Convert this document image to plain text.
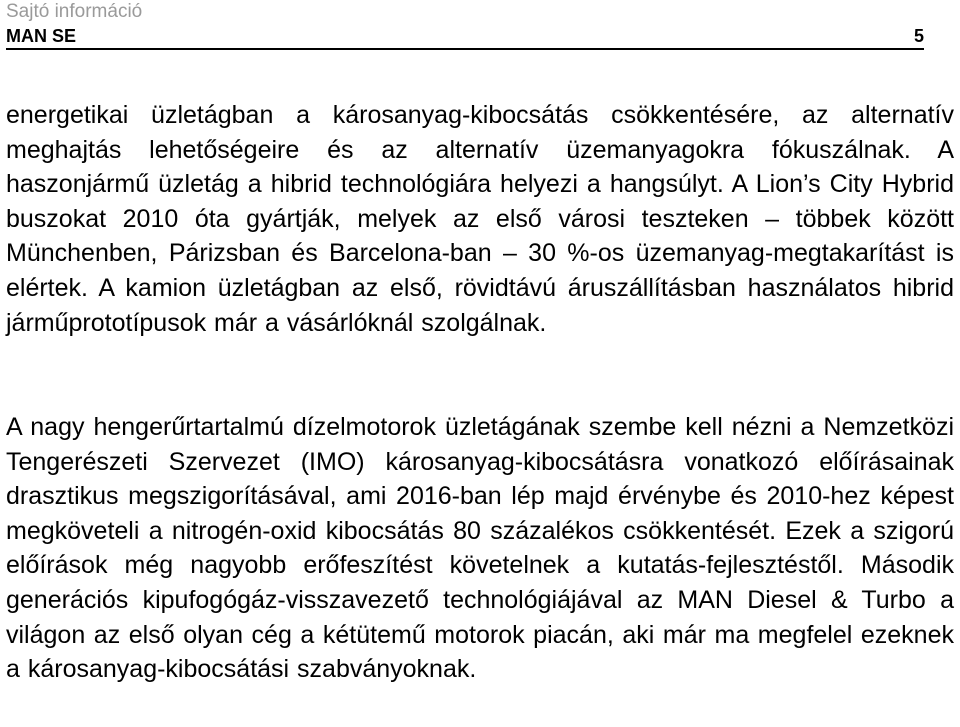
Sajtó információ
MAN SE	5

energetikai üzletágban a károsanyag-kibocsátás csökkentésére, az alternatív meghajtás lehetőségeire és az alternatív üzemanyagokra fókuszálnak. A haszonjármű üzletág a hibrid technológiára helyezi a hangsúlyt. A Lion’s City Hybrid buszokat 2010 óta gyártják, melyek az első városi teszteken – többek között Münchenben, Párizsban és Barcelona-ban – 30 %-os üzemanyag-megtakarítást is elértek. A kamion üzletágban az első, rövidtávú áruszállításban használatos hibrid járműprototípusok már a vásárlóknál szolgálnak.

A nagy hengerűrtartalmú dízelmotorok üzletágának szembe kell nézni a Nemzetközi Tengerészeti Szervezet (IMO) károsanyag-kibocsátásra vonatkozó előírásainak drasztikus megszigorításával, ami 2016-ban lép majd érvénybe és 2010-hez képest megköveteli a nitrogén-oxid kibocsátás 80 százalékos csökkentését. Ezek a szigorú előírások még nagyobb erőfeszítést követelnek a kutatás-fejlesztéstől. Második generációs kipufogógáz-visszavezető technológiájával az MAN Diesel & Turbo a világon az első olyan cég a kétütemű motorok piacán, aki már ma megfelel ezeknek a károsanyag-kibocsátási szabványoknak.
